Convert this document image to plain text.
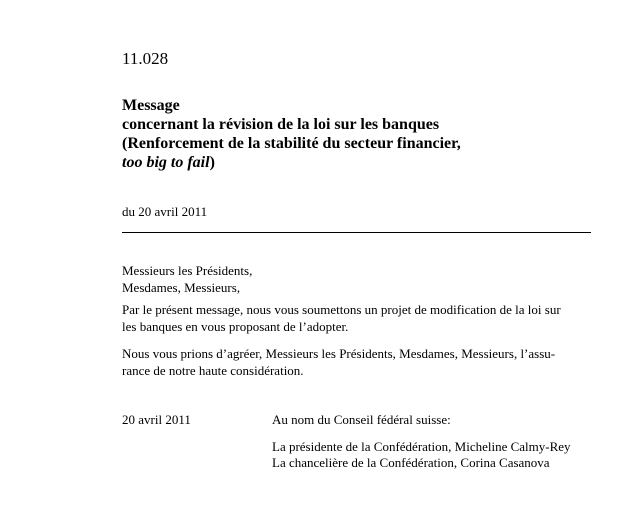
11.028

Message
concernant la révision de la loi sur les banques
(Renforcement de la stabilité du secteur financier,
too big to fail)

du 20 avril 2011

Messieurs les Présidents,
Mesdames, Messieurs,

Par le présent message, nous vous soumettons un projet de modification de la loi sur
les banques en vous proposant de l’adopter.

Nous vous prions d’agréer, Messieurs les Présidents, Mesdames, Messieurs, l’assu-
rance de notre haute considération.

20 avril 2011	Au nom du Conseil fédéral suisse:
La présidente de la Confédération, Micheline Calmy-Rey
La chancelière de la Confédération, Corina Casanova
